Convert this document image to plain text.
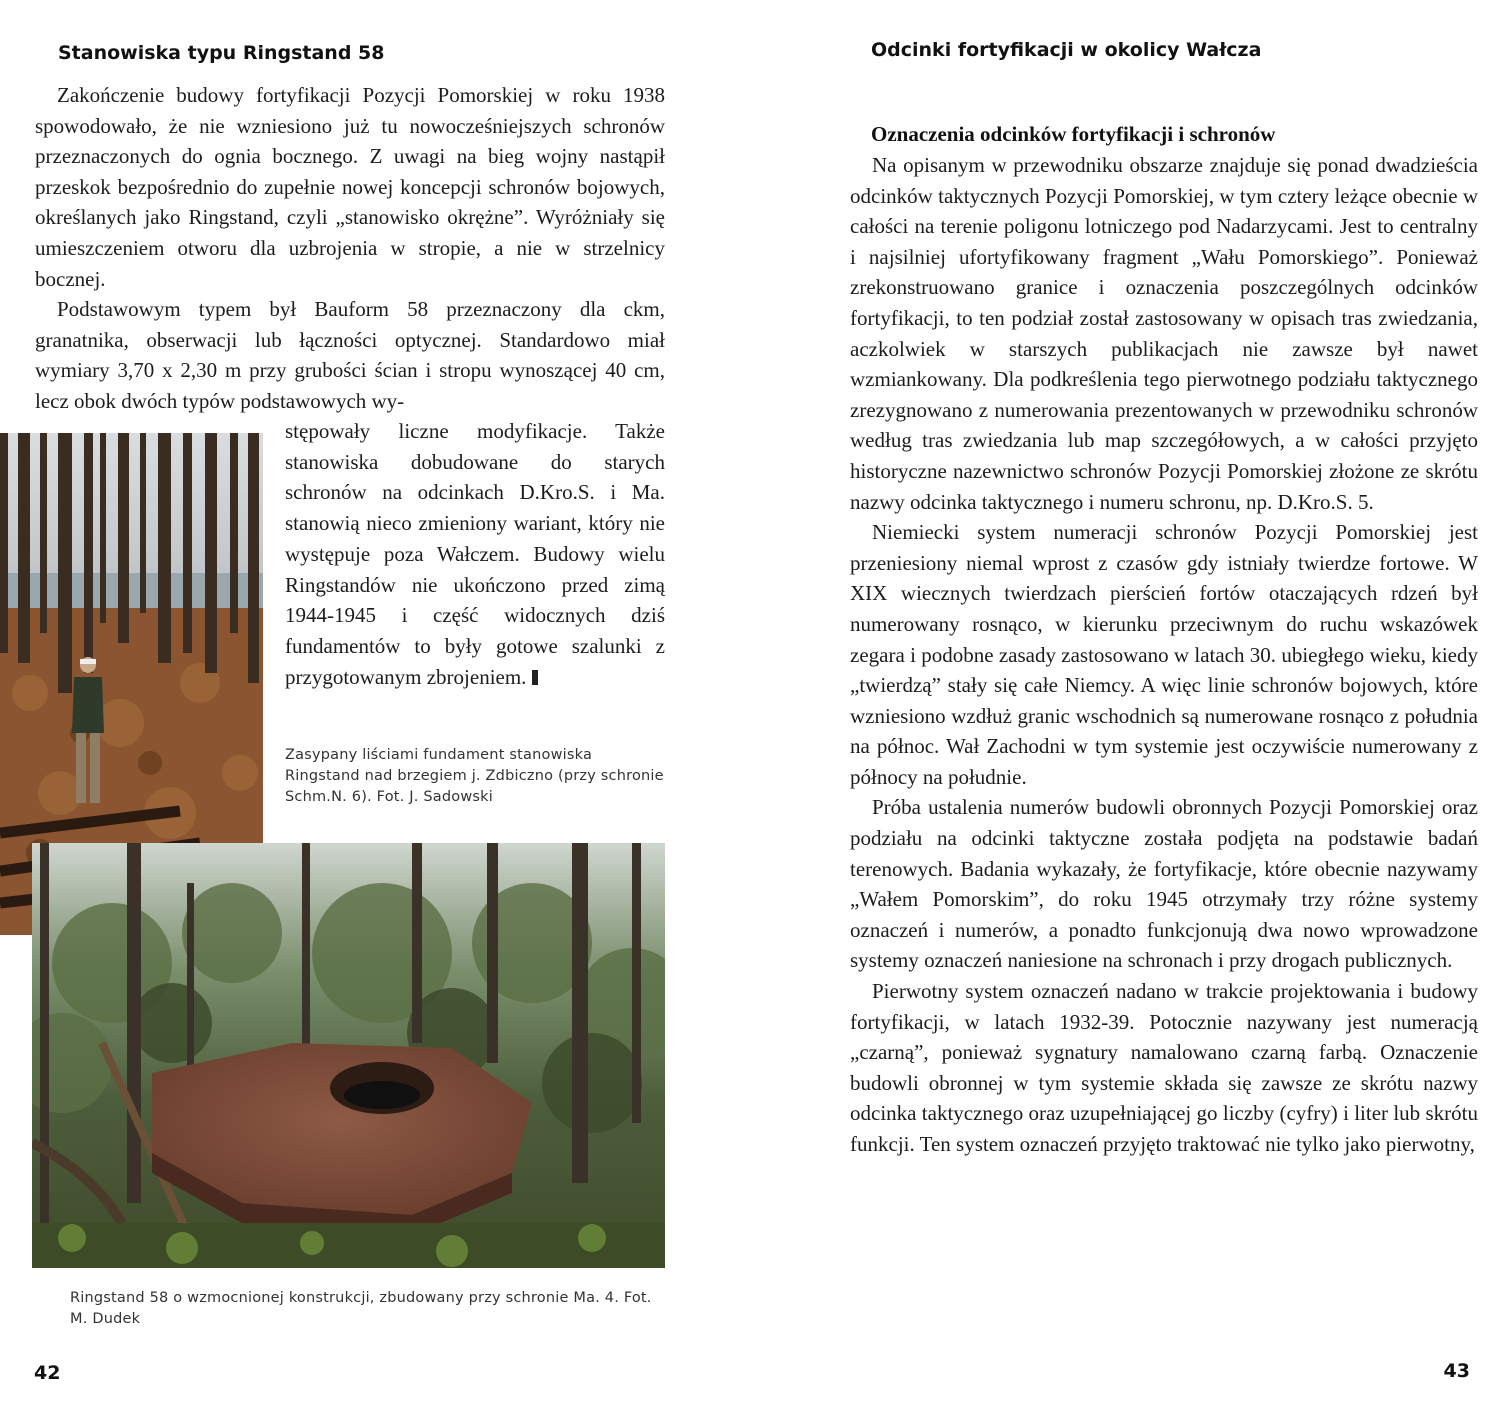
Stanowiska typu Ringstand 58

Zakończenie budowy fortyfikacji Pozycji Pomorskiej w roku 1938 spowodowało, że nie wzniesiono już tu nowocześniejszych schronów przeznaczonych do ognia bocznego. Z uwagi na bieg wojny nastąpił przeskok bezpośrednio do zupełnie nowej koncepcji schronów bojowych, określanych jako Ringstand, czyli „stanowisko okrężne”. Wyróżniały się umieszczeniem otworu dla uzbrojenia w stropie, a nie w strzelnicy bocznej.

Podstawowym typem był Bauform 58 przeznaczony dla ckm, granatnika, obserwacji lub łączności optycznej. Standardowo miał wymiary 3,70 x 2,30 m przy grubości ścian i stropu wynoszącej 40 cm, lecz obok dwóch typów podstawowych wy-

stępowały liczne modyfikacje. Także stanowiska dobudowane do starych schronów na odcinkach D.Kro.S. i Ma. stanowią nieco zmieniony wariant, który nie występuje poza Wałczem. Budowy wielu Ringstandów nie ukończono przed zimą 1944-1945 i część widocznych dziś fundamentów to były gotowe szalunki z przygotowanym zbrojeniem.

Zasypany liściami fundament stanowiska Ringstand nad brzegiem j. Zdbiczno (przy schronie Schm.N. 6). Fot. J. Sadowski

Ringstand 58 o wzmocnionej konstrukcji, zbudowany przy schronie Ma. 4. Fot. M. Dudek

42

Odcinki fortyfikacji w okolicy Wałcza
Oznaczenia odcinków fortyfikacji i schronów

Na opisanym w przewodniku obszarze znajduje się ponad dwadzieścia odcinków taktycznych Pozycji Pomorskiej, w tym cztery leżące obecnie w całości na terenie poligonu lotniczego pod Nadarzycami. Jest to centralny i najsilniej ufortyfikowany fragment „Wału Pomorskiego”. Ponieważ zrekonstruowano granice i oznaczenia poszczególnych odcinków fortyfikacji, to ten podział został zastosowany w opisach tras zwiedzania, aczkolwiek w starszych publikacjach nie zawsze był nawet wzmiankowany. Dla podkreślenia tego pierwotnego podziału taktycznego zrezygnowano z numerowania prezentowanych w przewodniku schronów według tras zwiedzania lub map szczegółowych, a w całości przyjęto historyczne nazewnictwo schronów Pozycji Pomorskiej złożone ze skrótu nazwy odcinka taktycznego i numeru schronu, np. D.Kro.S. 5.

Niemiecki system numeracji schronów Pozycji Pomorskiej jest przeniesiony niemal wprost z czasów gdy istniały twierdze fortowe. W XIX wiecznych twierdzach pierścień fortów otaczających rdzeń był numerowany rosnąco, w kierunku przeciwnym do ruchu wskazówek zegara i podobne zasady zastosowano w latach 30. ubiegłego wieku, kiedy „twierdzą” stały się całe Niemcy. A więc linie schronów bojowych, które wzniesiono wzdłuż granic wschodnich są numerowane rosnąco z południa na północ. Wał Zachodni w tym systemie jest oczywiście numerowany z północy na południe.

Próba ustalenia numerów budowli obronnych Pozycji Pomorskiej oraz podziału na odcinki taktyczne została podjęta na podstawie badań terenowych. Badania wykazały, że fortyfikacje, które obecnie nazywamy „Wałem Pomorskim”, do roku 1945 otrzymały trzy różne systemy oznaczeń i numerów, a ponadto funkcjonują dwa nowo wprowadzone systemy oznaczeń naniesione na schronach i przy drogach publicznych.

Pierwotny system oznaczeń nadano w trakcie projektowania i budowy fortyfikacji, w latach 1932-39. Potocznie nazywany jest numeracją „czarną”, ponieważ sygnatury namalowano czarną farbą. Oznaczenie budowli obronnej w tym systemie składa się zawsze ze skrótu nazwy odcinka taktycznego oraz uzupełniającej go liczby (cyfry) i liter lub skrótu funkcji. Ten system oznaczeń przyjęto traktować nie tylko jako pierwotny,

43
